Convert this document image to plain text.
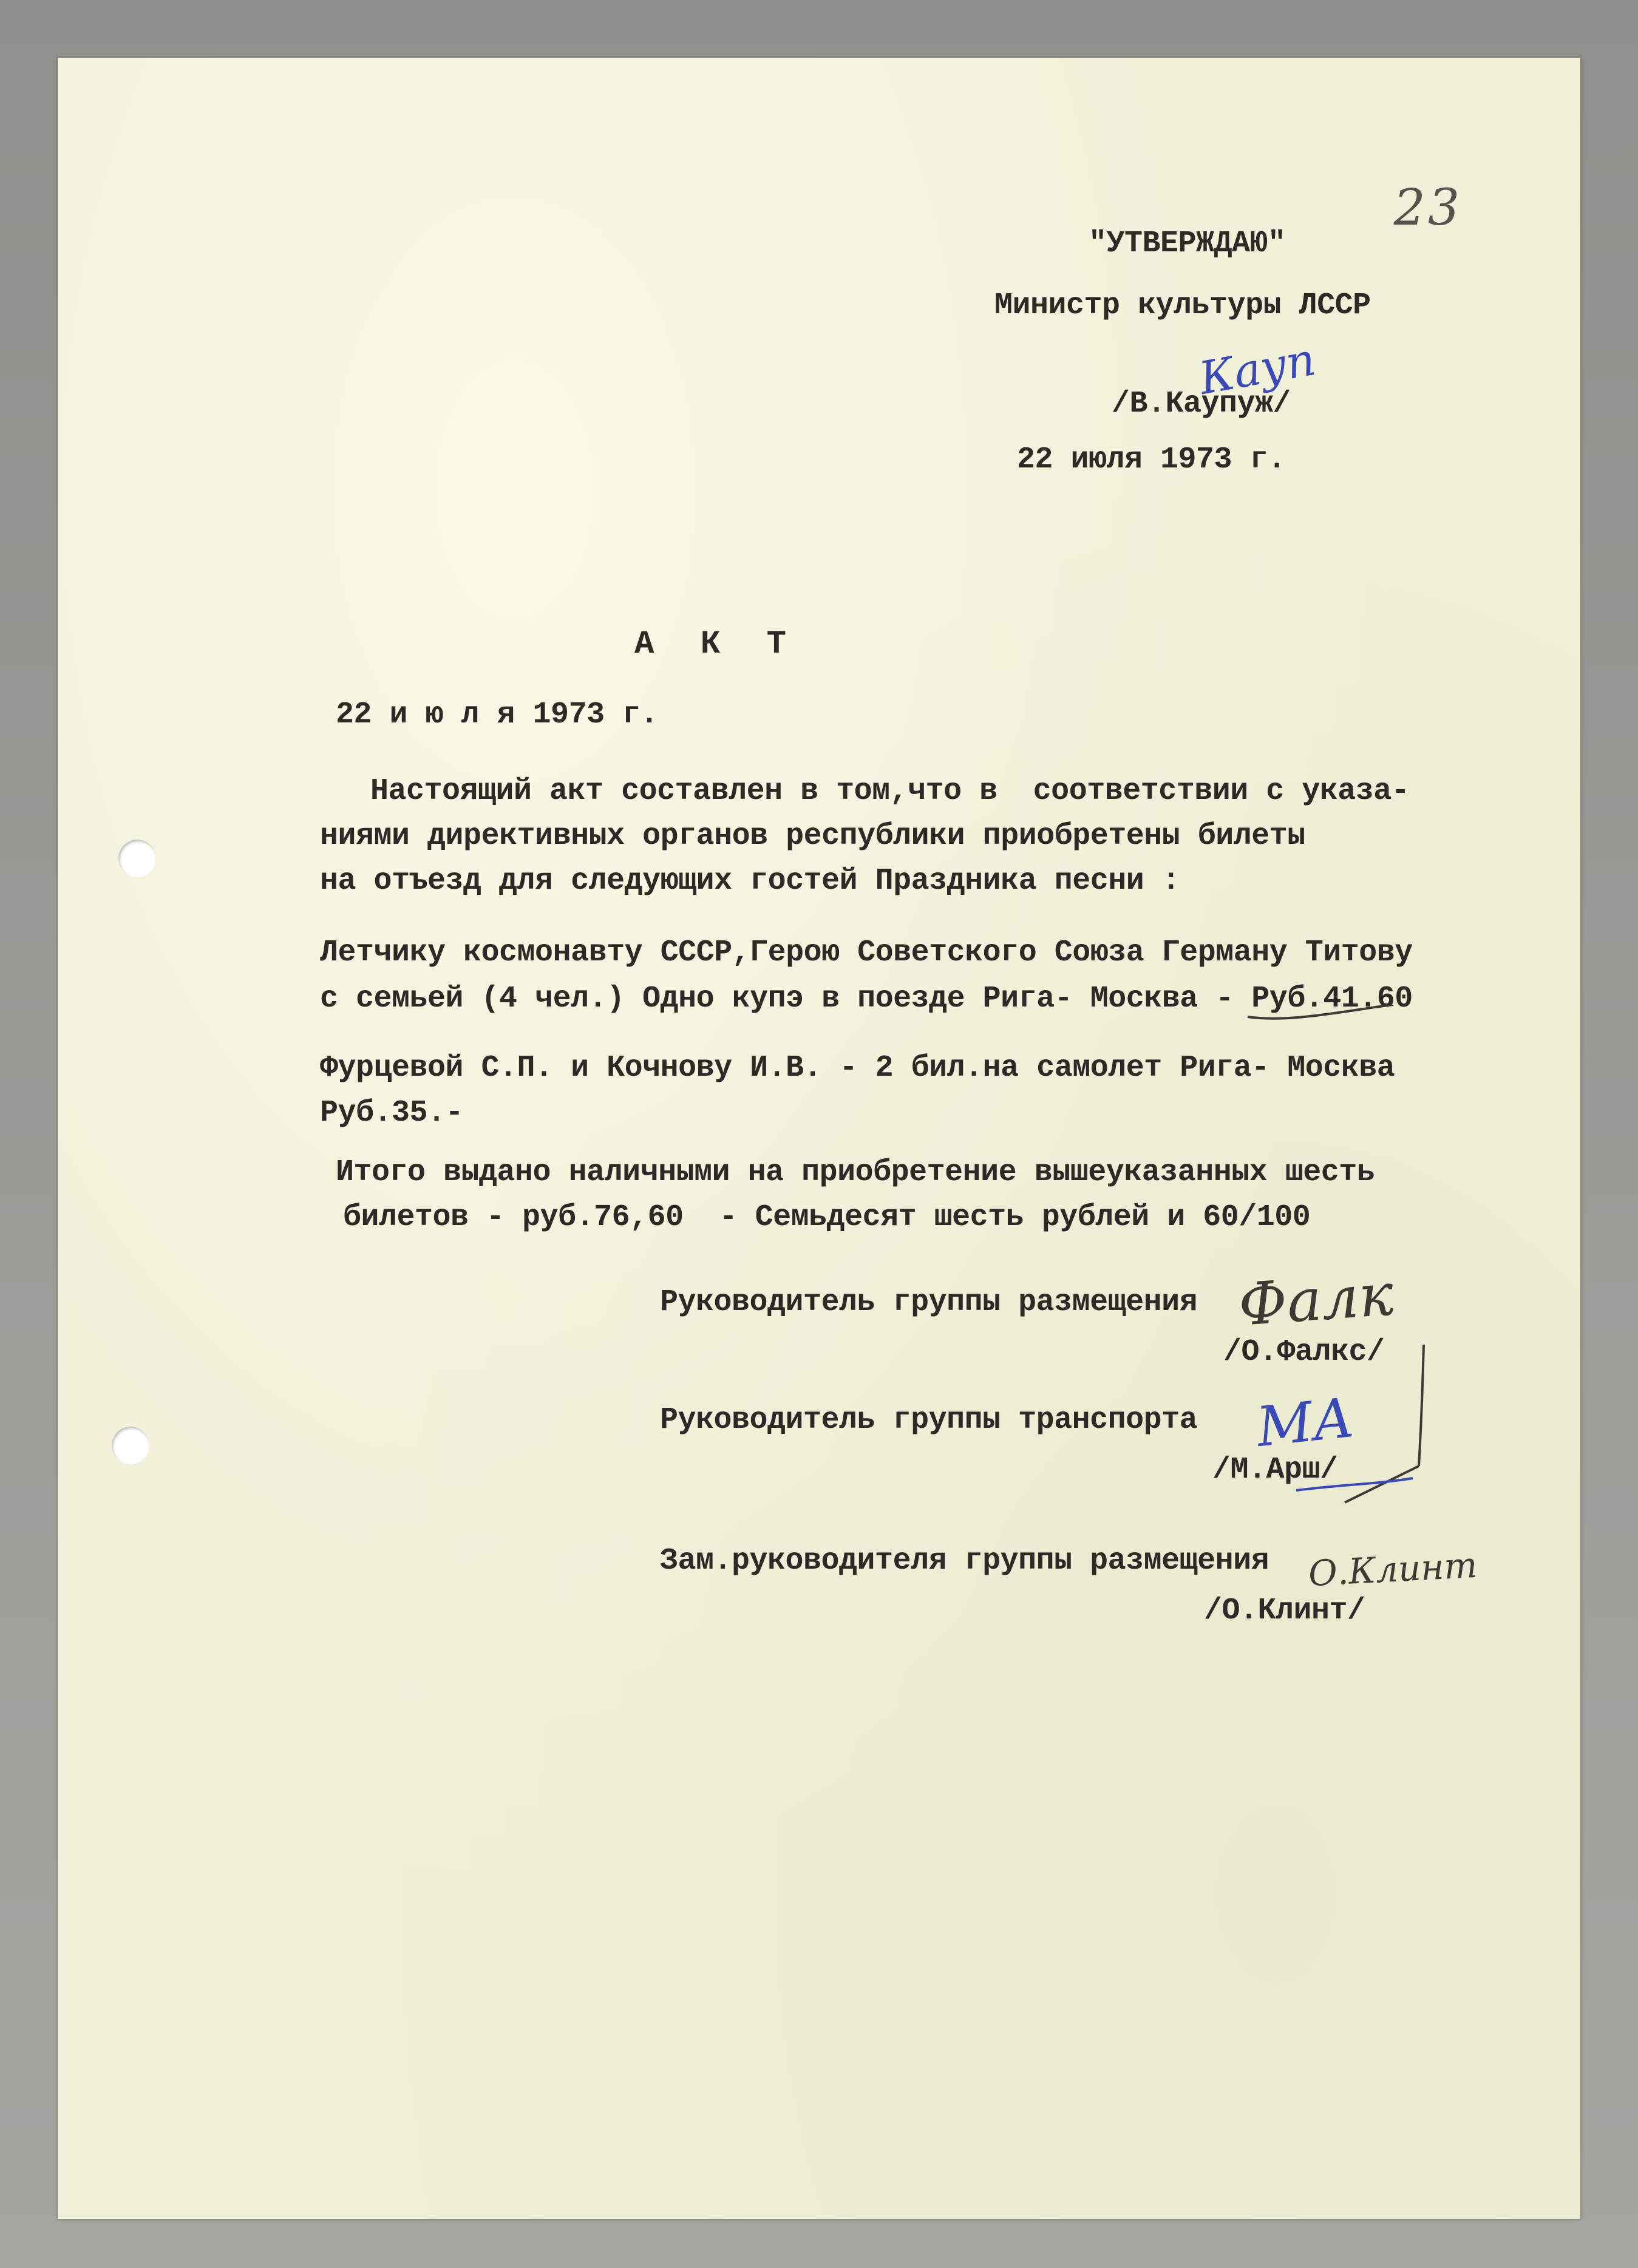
23
"УТВЕРЖДАЮ"
Министр культуры ЛССР
Кауп
/В.Каупуж/
22 июля 1973 г.
А К Т
22 и ю л я 1973 г.
Настоящий акт составлен в том,что в  соответствии с указа-
ниями директивных органов республики приобретены билеты
на отъезд для следующих гостей Праздника песни :
Летчику космонавту СССР,Герою Советского Союза Герману Титову
с семьей (4 чел.) Одно купэ в поезде Рига- Москва - Руб.41.60
Фурцевой С.П. и Кочнову И.В. - 2 бил.на самолет Рига- Москва
Руб.35.-
Итого выдано наличными на приобретение вышеуказанных шесть
билетов - руб.76,60  - Семьдесят шесть рублей и 60/100
Руководитель группы размещения Фалк
/О.Фалкс/
Руководитель группы транспорта МА
/М.Арш/
Зам.руководителя группы размещения О.Клинт
/О.Клинт/
